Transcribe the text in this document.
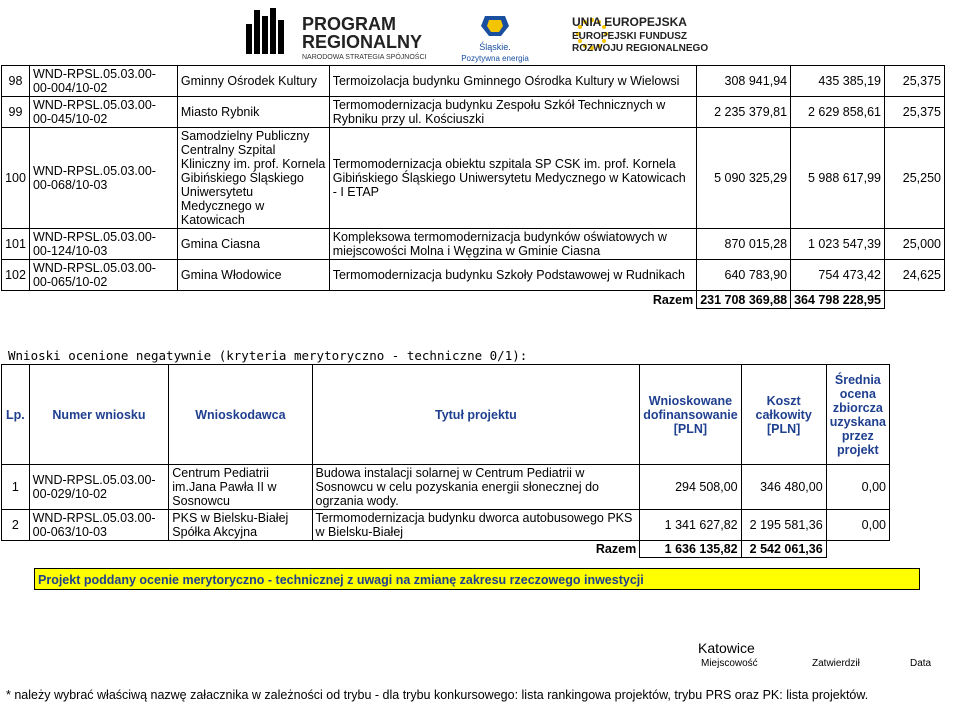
PROGRAM
REGIONALNY
NARODOWA STRATEGIA SPÓJNOŚCI
Śląskie.
Pozytywna energia
UNIA EUROPEJSKA
EUROPEJSKI FUNDUSZ
ROZWOJU REGIONALNEGO
98	WND-RPSL.05.03.00-00-004/10-02	Gminny Ośrodek Kultury	Termoizolacja budynku Gminnego Ośrodka Kultury w Wielowsi	308 941,94	435 385,19	25,375
99	WND-RPSL.05.03.00-00-045/10-02	Miasto Rybnik	Termomodernizacja budynku Zespołu Szkół Technicznych w Rybniku przy ul. Kościuszki	2 235 379,81	2 629 858,61	25,375
100	WND-RPSL.05.03.00-00-068/10-03	Samodzielny Publiczny Centralny Szpital Kliniczny im. prof. Kornela Gibińskiego Śląskiego Uniwersytetu Medycznego w Katowicach	Termomodernizacja obiektu szpitala SP CSK im. prof. Kornela Gibińskiego Śląskiego Uniwersytetu Medycznego w Katowicach - I ETAP	5 090 325,29	5 988 617,99	25,250
101	WND-RPSL.05.03.00-00-124/10-03	Gmina Ciasna	Kompleksowa termomodernizacja budynków oświatowych w miejscowości Molna i Węgzina w Gminie Ciasna	870 015,28	1 023 547,39	25,000
102	WND-RPSL.05.03.00-00-065/10-02	Gmina Włodowice	Termomodernizacja budynku Szkoły Podstawowej w Rudnikach	640 783,90	754 473,42	24,625
			Razem	231 708 369,88	364 798 228,95	
Wnioski ocenione negatywnie (kryteria merytoryczno - techniczne 0/1):
Lp.	Numer wniosku	Wnioskodawca	Tytuł projektu	Wnioskowane dofinansowanie [PLN]	Koszt całkowity [PLN]	Średnia ocena zbiorcza uzyskana przez projekt
1	WND-RPSL.05.03.00-00-029/10-02	Centrum Pediatrii im.Jana Pawła II w Sosnowcu	Budowa instalacji solarnej w Centrum Pediatrii w Sosnowcu w celu pozyskania energii słonecznej do ogrzania wody.	294 508,00	346 480,00	0,00
2	WND-RPSL.05.03.00-00-063/10-03	PKS w Bielsku-Białej Spółka Akcyjna	Termomodernizacja budynku dworca autobusowego PKS w Bielsku-Białej	1 341 627,82	2 195 581,36	0,00
			Razem	1 636 135,82	2 542 061,36	
Projekt poddany ocenie merytoryczno - technicznej z uwagi na zmianę zakresu rzeczowego inwestycji
Katowice
Miejscowość	Zatwierdził	Data
* należy wybrać właściwą nazwę załacznika w zależności od trybu - dla trybu konkursowego: lista rankingowa projektów, trybu PRS oraz PK: lista projektów.
